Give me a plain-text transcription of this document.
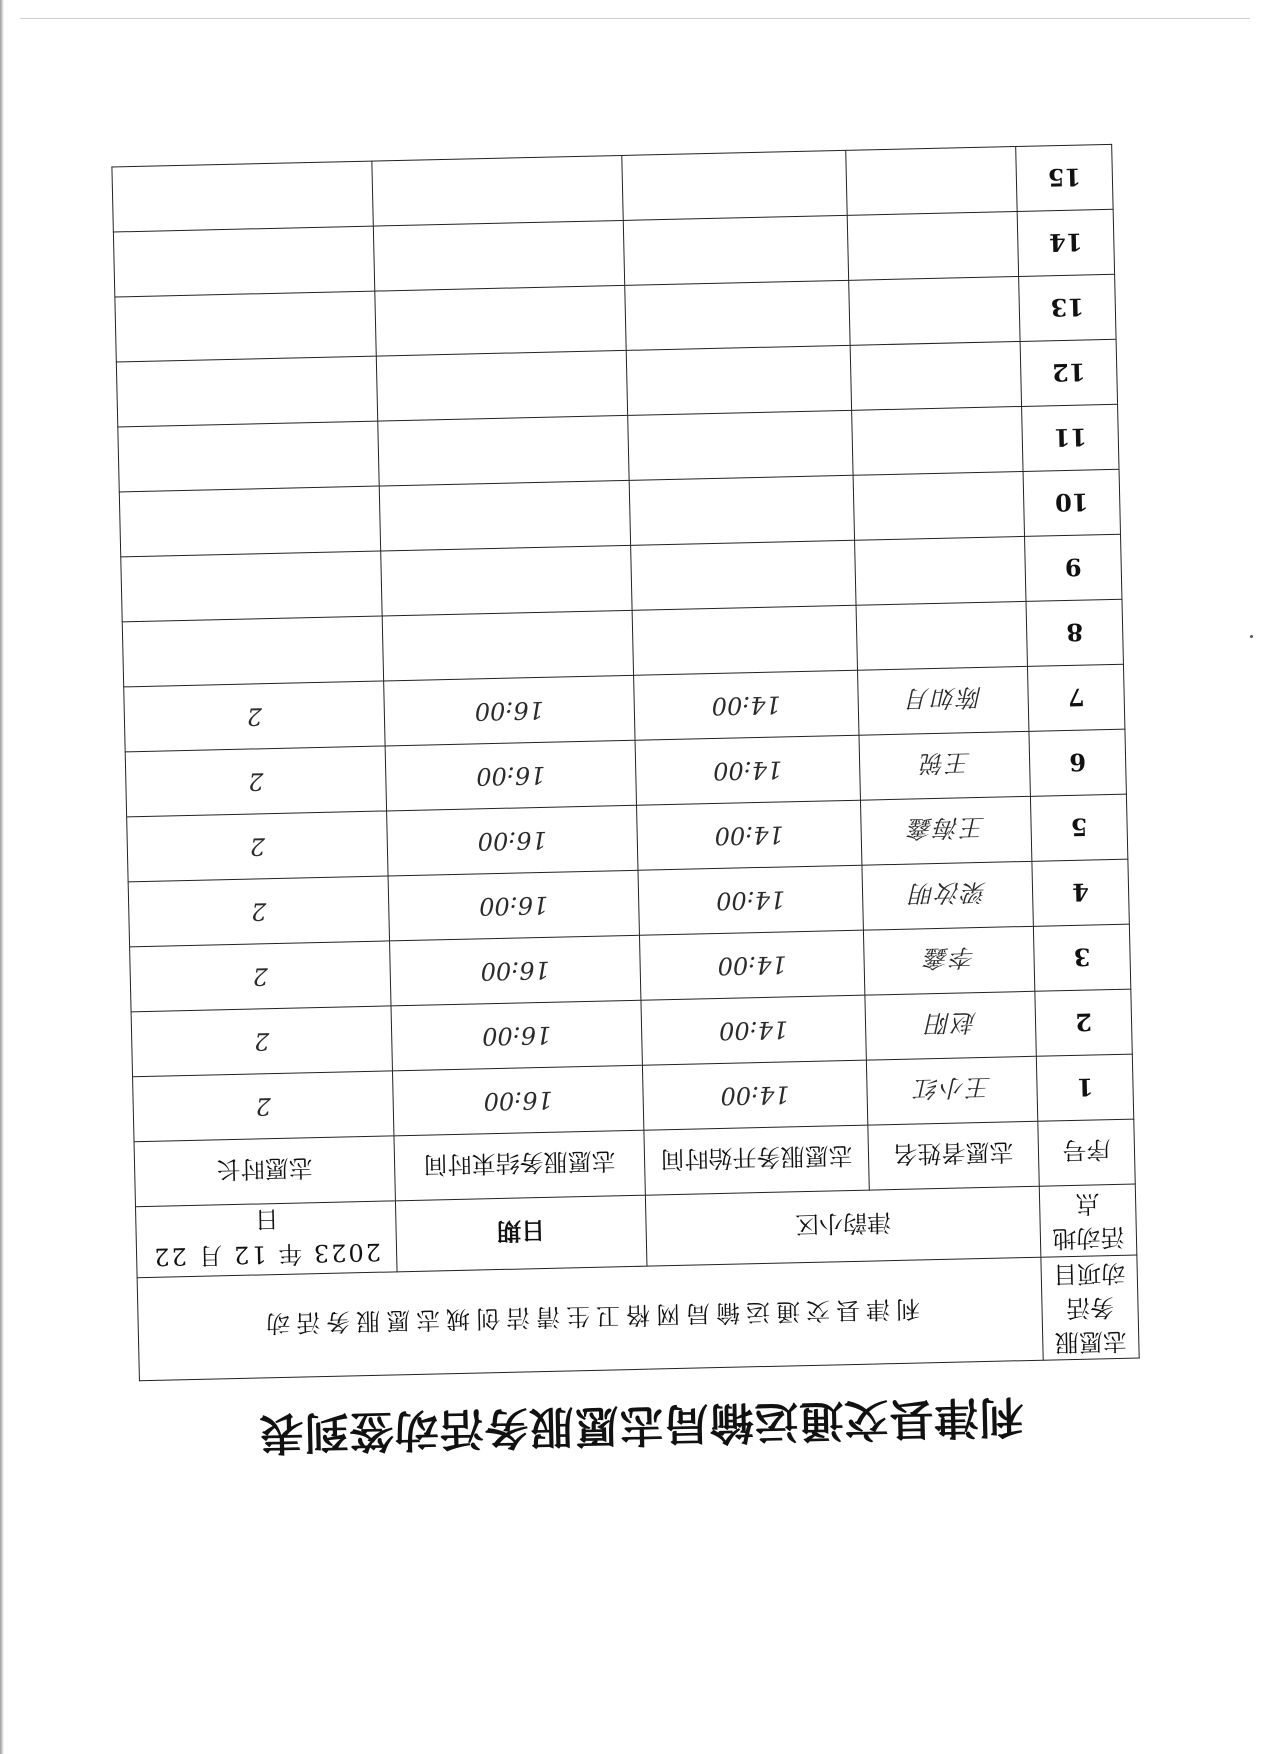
利津县交通运输局志愿服务活动签到表
志愿服务活
动项目	利津县交通运输局网格卫生清洁创城志愿服务活动			
活动地点	津韵小区		日期	2023 年 12 月 22 日
序号	志愿者姓名	志愿服务开始时间	志愿服务结束时间	志愿时长
1	王小红	14:00	16:00	2
2	赵阳	14:00	16:00	2
3	李鑫	14:00	16:00	2
4	梁汝明	14:00	16:00	2
5	王海鑫	14:00	16:00	2
6	王锐	14:00	16:00	2
7	陈如月	14:00	16:00	2
8				
9				
10				
11				
12				
13				
14				
15				
